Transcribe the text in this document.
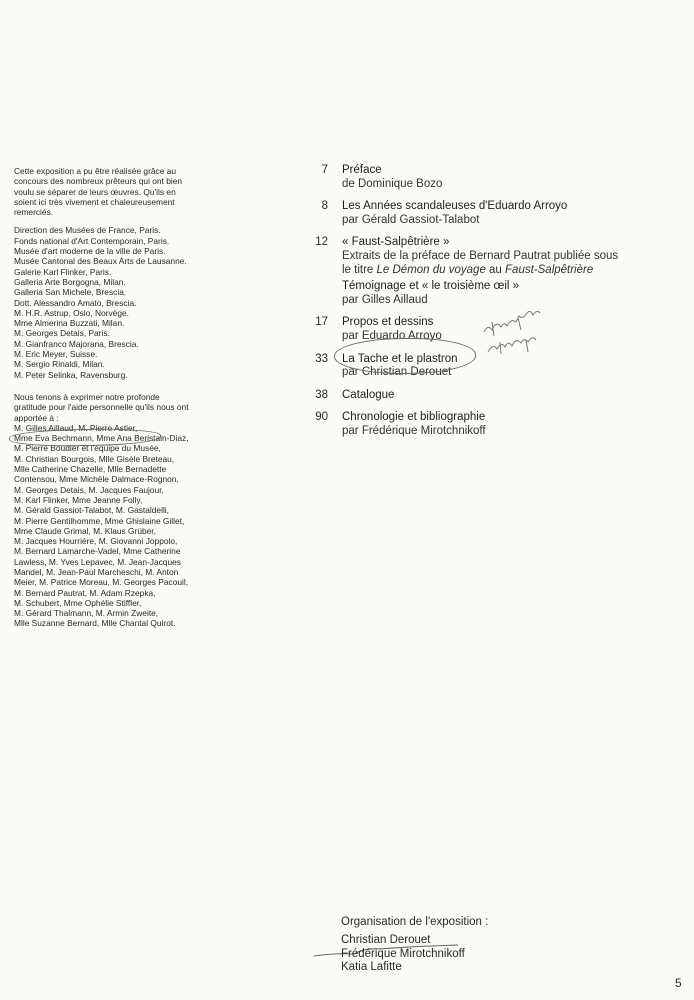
Cette exposition a pu être réalisée grâce au

concours des nombreux prêteurs qui ont bien

voulu se séparer de leurs œuvres. Qu'ils en

soient ici très vivement et chaleureusement

remerciés.

Direction des Musées de France, Paris.

Fonds national d'Art Contemporain, Paris.

Musée d'art moderne de la ville de Paris.

Musée Cantonal des Beaux Arts de Lausanne.

Galerie Karl Flinker, Paris.

Galleria Arte Borgogna, Milan.

Galleria San Michele, Brescia.

Dott. Alessandro Amato, Brescia.

M. H.R. Astrup, Oslo, Norvège.

Mme Almerina Buzzati, Milan.

M. Georges Detais, Paris.

M. Gianfranco Majorana, Brescia.

M. Eric Meyer, Suisse.

M. Sergio Rinaldi, Milan.

M. Peter Selinka, Ravensburg.

Nous tenons à exprimer notre profonde

gratitude pour l'aide personnelle qu'ils nous ont

apportée à :

M. Gilles Aillaud, M. Pierre Astier,

Mme Eva Bechmann, Mme Ana Beristain-Diaz,

M. Pierre Boudier et l'équipe du Musée,

M. Christian Bourgois, Mlle Gisèle Breteau,

Mlle Catherine Chazelle, Mlle Bernadette

Contensou, Mme Michèle Dalmace-Rognon,

M. Georges Detais, M. Jacques Faujour,

M. Karl Flinker, Mme Jeanne Folly,

M. Gérald Gassiot-Talabot, M. Gastaldelli,

M. Pierre Gentilhomme, Mme Ghislaine Gillet,

Mme Claude Grimal, M. Klaus Grüber,

M. Jacques Hourrière, M. Giovanni Joppolo,

M. Bernard Lamarche-Vadel, Mme Catherine

Lawless, M. Yves Lepavec, M. Jean-Jacques

Mandel, M. Jean-Paul Marcheschi, M. Anton

Meier, M. Patrice Moreau, M. Georges Pacouil,

M. Bernard Pautrat, M. Adam Rzepka,

M. Schubert, Mme Ophélie Stiffler,

M. Gérard Thalmann, M. Armin Zweite,

Mlle Suzanne Bernard, Mlle Chantal Quirot.

7	Préface
de Dominique Bozo
8	Les Années scandaleuses d'Eduardo Arroyo
par Gérald Gassiot-Talabot
12	« Faust-Salpêtrière »
Extraits de la préface de Bernard Pautrat publiée sous
le titre Le Démon du voyage au Faust-Salpêtrière
Témoignage et « le troisième œil »
par Gilles Aillaud
17	Propos et dessins
par Eduardo Arroyo
33	La Tache et le plastron
par Christian Derouet
38	Catalogue
90	Chronologie et bibliographie
par Frédérique Mirotchnikoff
Organisation de l'exposition :
Christian Derouet
Frédérique Mirotchnikoff
Katia Lafitte
5
